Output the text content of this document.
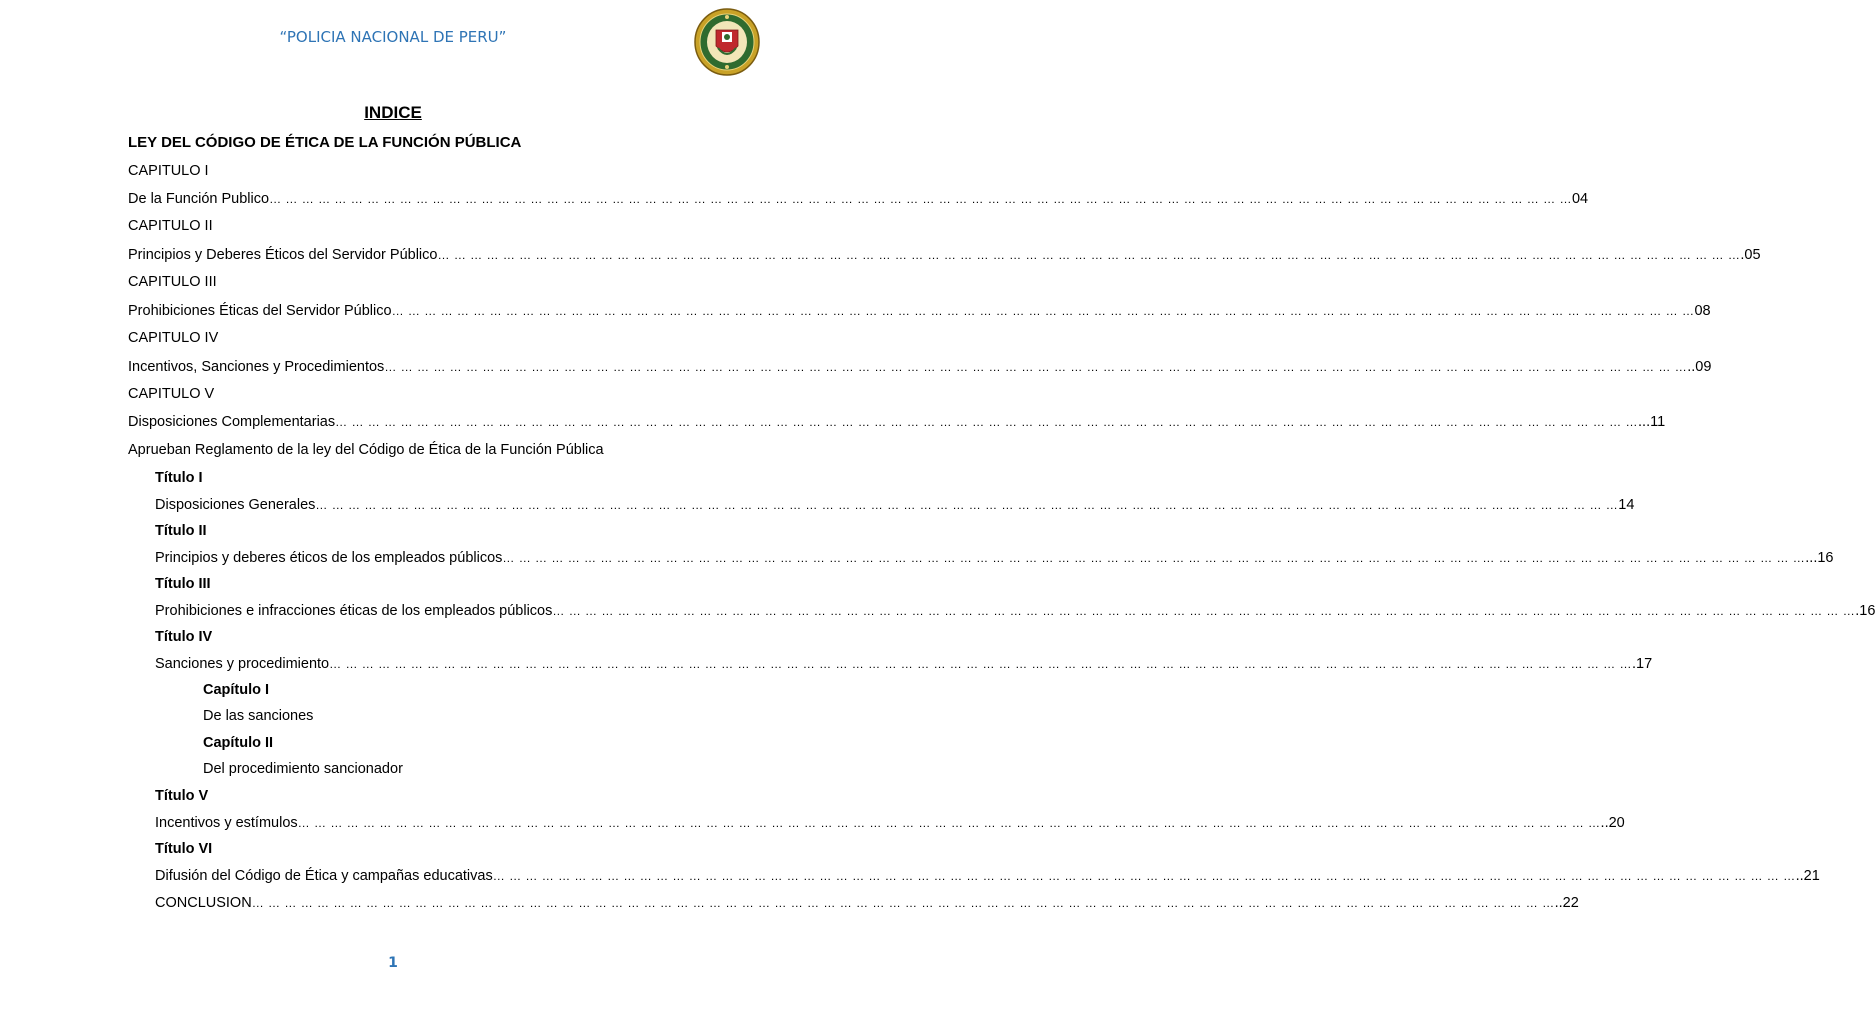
“POLICIA NACIONAL DE PERU”
INDICE
LEY DEL CÓDIGO DE ÉTICA DE LA FUNCIÓN PÚBLICA
CAPITULO I
De la Función Publico … … … … … … … … … … … … … … … … … … … … … … … … … … … … … … … … … … … … … … … … … … … … … … … … … … … … … … … … … … … … … … … … … … … … … … … … … … … … … … … … 04
CAPITULO II
Principios y Deberes Éticos del Servidor Público … … … … … … … … … … … … … … … … … … … … … … … … … … … … … … … … … … … … … … … … … … … … … … … … … … … … … … … … … … … … … … … … … … … … … … … … … … … … … … … … .05
CAPITULO III
Prohibiciones Éticas del Servidor Público … … … … … … … … … … … … … … … … … … … … … … … … … … … … … … … … … … … … … … … … … … … … … … … … … … … … … … … … … … … … … … … … … … … … … … … … … … … … … … … … 08
CAPITULO IV
Incentivos, Sanciones y Procedimientos … … … … … … … … … … … … … … … … … … … … … … … … … … … … … … … … … … … … … … … … … … … … … … … … … … … … … … … … … … … … … … … … … … … … … … … … … … … … … … … … ..09
CAPITULO V
Disposiciones Complementarias … … … … … … … … … … … … … … … … … … … … … … … … … … … … … … … … … … … … … … … … … … … … … … … … … … … … … … … … … … … … … … … … … … … … … … … … … … … … … … … … ...11
Aprueban Reglamento de la ley del Código de Ética de la Función Pública
Título I
Disposiciones Generales … … … … … … … … … … … … … … … … … … … … … … … … … … … … … … … … … … … … … … … … … … … … … … … … … … … … … … … … … … … … … … … … … … … … … … … … … … … … … … … … 14
Título II
Principios y deberes éticos de los empleados públicos … … … … … … … … … … … … … … … … … … … … … … … … … … … … … … … … … … … … … … … … … … … … … … … … … … … … … … … … … … … … … … … … … … … … … … … … … … … … … … … … ...16
Título III
Prohibiciones e infracciones éticas de los empleados públicos … … … … … … … … … … … … … … … … … … … … … … … … … … … … … … … … … … … … … … … … … … … … … … … … … … … … … … … … … … … … … … … … … … … … … … … … … … … … … … … … .16
Título IV
Sanciones y procedimiento … … … … … … … … … … … … … … … … … … … … … … … … … … … … … … … … … … … … … … … … … … … … … … … … … … … … … … … … … … … … … … … … … … … … … … … … … … … … … … … … .17
Capítulo I
De las sanciones
Capítulo II
Del procedimiento sancionador
Título V
Incentivos y estímulos … … … … … … … … … … … … … … … … … … … … … … … … … … … … … … … … … … … … … … … … … … … … … … … … … … … … … … … … … … … … … … … … … … … … … … … … … … … … … … … … ..20
Título VI
Difusión del Código de Ética y campañas educativas … … … … … … … … … … … … … … … … … … … … … … … … … … … … … … … … … … … … … … … … … … … … … … … … … … … … … … … … … … … … … … … … … … … … … … … … … … … … … … … … ..21
CONCLUSION … … … … … … … … … … … … … … … … … … … … … … … … … … … … … … … … … … … … … … … … … … … … … … … … … … … … … … … … … … … … … … … … … … … … … … … … … … … … … … … … ..22
1
